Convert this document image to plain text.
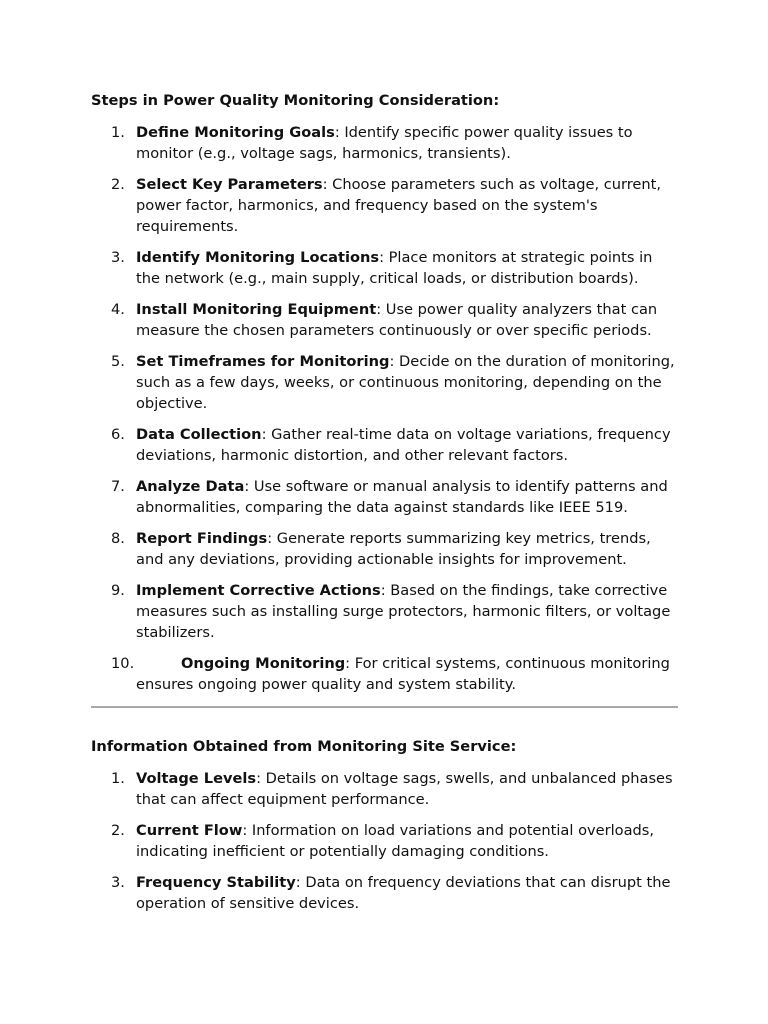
Steps in Power Quality Monitoring Consideration:

1. Define Monitoring Goals: Identify specific power quality issues to monitor (e.g., voltage sags, harmonics, transients).
2. Select Key Parameters: Choose parameters such as voltage, current, power factor, harmonics, and frequency based on the system's requirements.
3. Identify Monitoring Locations: Place monitors at strategic points in the network (e.g., main supply, critical loads, or distribution boards).
4. Install Monitoring Equipment: Use power quality analyzers that can measure the chosen parameters continuously or over specific periods.
5. Set Timeframes for Monitoring: Decide on the duration of monitoring, such as a few days, weeks, or continuous monitoring, depending on the objective.
6. Data Collection: Gather real-time data on voltage variations, frequency deviations, harmonic distortion, and other relevant factors.
7. Analyze Data: Use software or manual analysis to identify patterns and abnormalities, comparing the data against standards like IEEE 519.
8. Report Findings: Generate reports summarizing key metrics, trends, and any deviations, providing actionable insights for improvement.
9. Implement Corrective Actions: Based on the findings, take corrective measures such as installing surge protectors, harmonic filters, or voltage stabilizers.
10.	Ongoing Monitoring: For critical systems, continuous monitoring ensures ongoing power quality and system stability.

Information Obtained from Monitoring Site Service:

1. Voltage Levels: Details on voltage sags, swells, and unbalanced phases that can affect equipment performance.
2. Current Flow: Information on load variations and potential overloads, indicating inefficient or potentially damaging conditions.
3. Frequency Stability: Data on frequency deviations that can disrupt the operation of sensitive devices.
